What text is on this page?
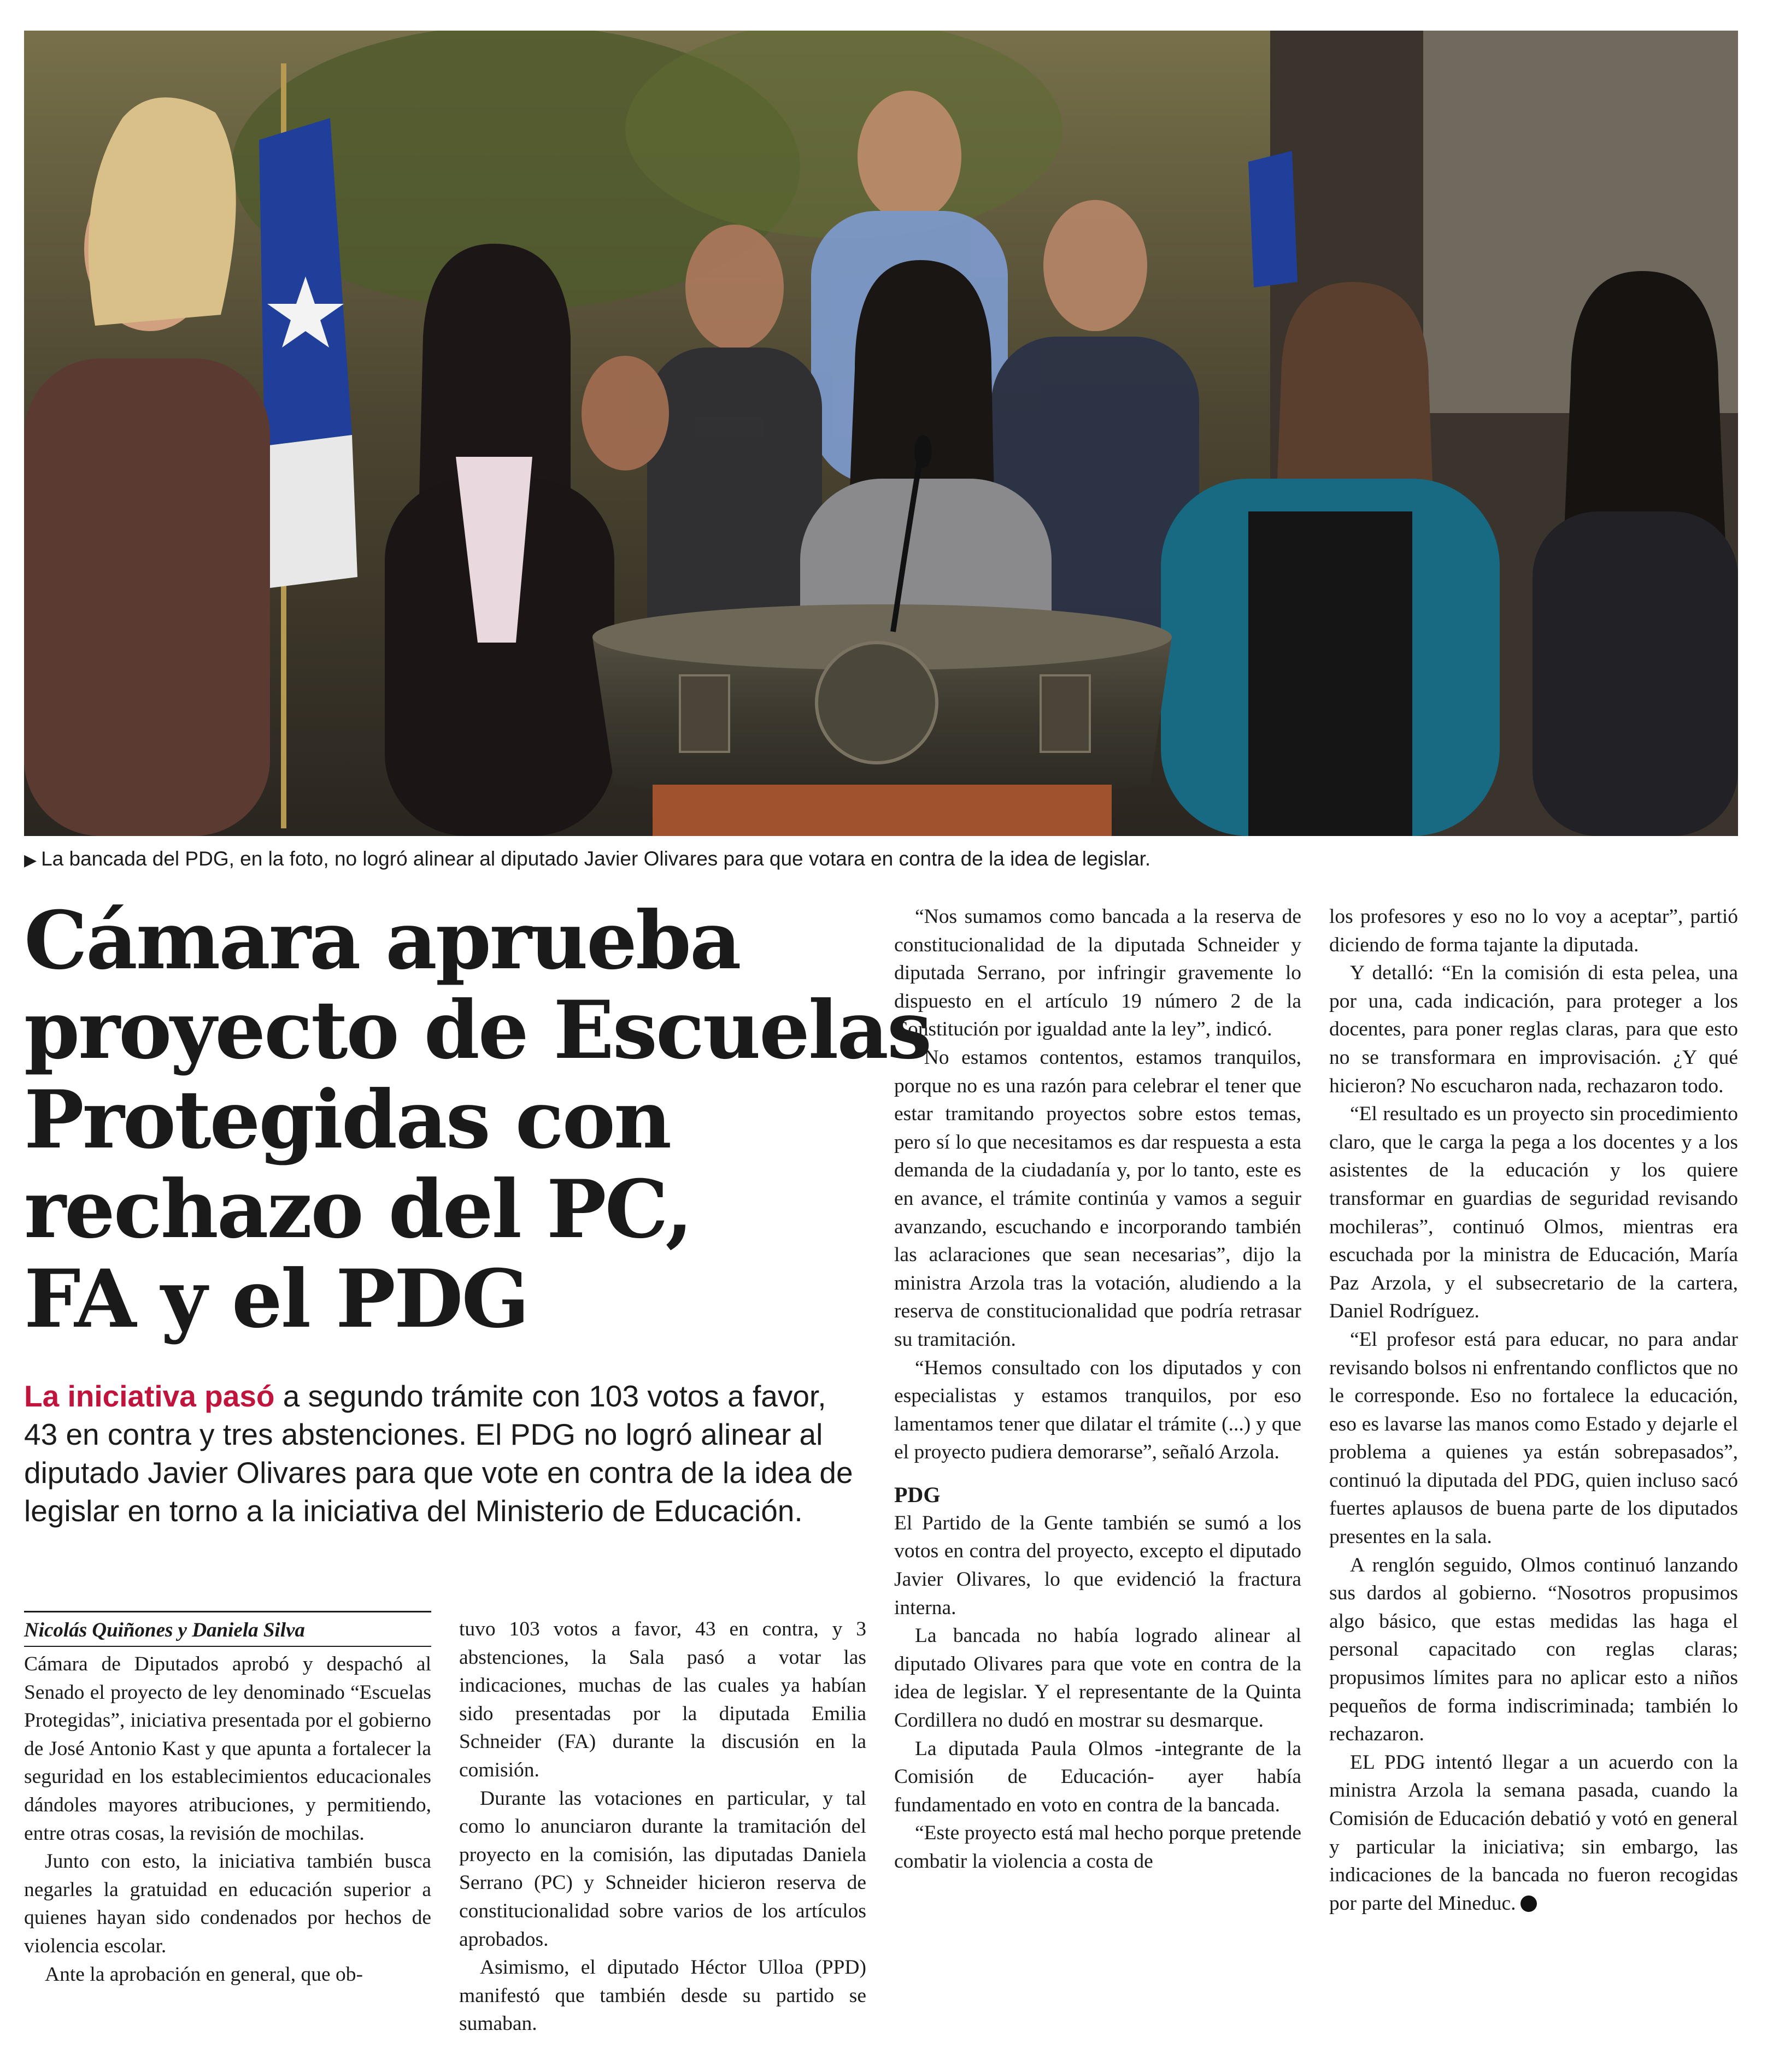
▶ La bancada del PDG, en la foto, no logró alinear al diputado Javier Olivares para que votara en contra de la idea de legislar.
Cámara aprueba
proyecto de Escuelas
Protegidas con
rechazo del PC,
FA y el PDG
La iniciativa pasó a segundo trámite con 103 votos a favor,
43 en contra y tres abstenciones. El PDG no logró alinear al
diputado Javier Olivares para que vote en contra de la idea de
legislar en torno a la iniciativa del Ministerio de Educación.
Nicolás Quiñones y Daniela Silva

Cámara de Diputados aprobó y despachó al Senado el proyecto de ley denominado “Escuelas Protegidas”, iniciativa presentada por el gobierno de José Antonio Kast y que apunta a fortalecer la seguridad en los establecimientos educacionales dándoles mayores atribuciones, y permitiendo, entre otras cosas, la revisión de mochilas.

Junto con esto, la iniciativa también busca negarles la gratuidad en educación superior a quienes hayan sido condenados por hechos de violencia escolar.

Ante la aprobación en general, que ob-

tuvo 103 votos a favor, 43 en contra, y 3 abstenciones, la Sala pasó a votar las indicaciones, muchas de las cuales ya habían sido presentadas por la diputada Emilia Schneider (FA) durante la discusión en la comisión.

Durante las votaciones en particular, y tal como lo anunciaron durante la tramitación del proyecto en la comisión, las diputadas Daniela Serrano (PC) y Schneider hicieron reserva de constitucionalidad sobre varios de los artículos aprobados.

Asimismo, el diputado Héctor Ulloa (PPD) manifestó que también desde su partido se sumaban.

“Nos sumamos como bancada a la reserva de constitucionalidad de la diputada Schneider y diputada Serrano, por infringir gravemente lo dispuesto en el artículo 19 número 2 de la Constitución por igualdad ante la ley”, indicó.

“No estamos contentos, estamos tranquilos, porque no es una razón para celebrar el tener que estar tramitando proyectos sobre estos temas, pero sí lo que necesitamos es dar respuesta a esta demanda de la ciudadanía y, por lo tanto, este es en avance, el trámite continúa y vamos a seguir avanzando, escuchando e incorporando también las aclaraciones que sean necesarias”, dijo la ministra Arzola tras la votación, aludiendo a la reserva de constitucionalidad que podría retrasar su tramitación.

“Hemos consultado con los diputados y con especialistas y estamos tranquilos, por eso lamentamos tener que dilatar el trámite (...) y que el proyecto pudiera demorarse”, señaló Arzola.

PDG

El Partido de la Gente también se sumó a los votos en contra del proyecto, excepto el diputado Javier Olivares, lo que evidenció la fractura interna.

La bancada no había logrado alinear al diputado Olivares para que vote en contra de la idea de legislar. Y el representante de la Quinta Cordillera no dudó en mostrar su desmarque.

La diputada Paula Olmos -integrante de la Comisión de Educación- ayer había fundamentado en voto en contra de la bancada.

“Este proyecto está mal hecho porque pretende combatir la violencia a costa de

los profesores y eso no lo voy a aceptar”, partió diciendo de forma tajante la diputada.

Y detalló: “En la comisión di esta pelea, una por una, cada indicación, para proteger a los docentes, para poner reglas claras, para que esto no se transformara en improvisación. ¿Y qué hicieron? No escucharon nada, rechazaron todo.

“El resultado es un proyecto sin procedimiento claro, que le carga la pega a los docentes y a los asistentes de la educación y los quiere transformar en guardias de seguridad revisando mochileras”, continuó Olmos, mientras era escuchada por la ministra de Educación, María Paz Arzola, y el subsecretario de la cartera, Daniel Rodríguez.

“El profesor está para educar, no para andar revisando bolsos ni enfrentando conflictos que no le corresponde. Eso no fortalece la educación, eso es lavarse las manos como Estado y dejarle el problema a quienes ya están sobrepasados”, continuó la diputada del PDG, quien incluso sacó fuertes aplausos de buena parte de los diputados presentes en la sala.

A renglón seguido, Olmos continuó lanzando sus dardos al gobierno. “Nosotros propusimos algo básico, que estas medidas las haga el personal capacitado con reglas claras; propusimos límites para no aplicar esto a niños pequeños de forma indiscriminada; también lo rechazaron.

EL PDG intentó llegar a un acuerdo con la ministra Arzola la semana pasada, cuando la Comisión de Educación debatió y votó en general y particular la iniciativa; sin embargo, las indicaciones de la bancada no fueron recogidas por parte del Mineduc.
